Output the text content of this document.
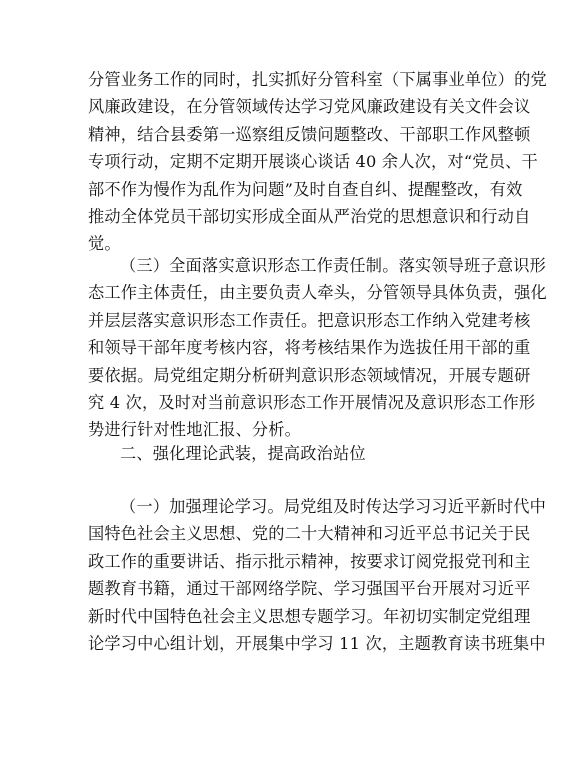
分管业务工作的同时，扎实抓好分管科室（下属事业单位）的党
风廉政建设，在分管领域传达学习党风廉政建设有关文件会议
精神，结合县委第一巡察组反馈问题整改、干部职工作风整顿
专项行动，定期不定期开展谈心谈话 40 余人次，对“党员、干
部不作为慢作为乱作为问题”及时自查自纠、提醒整改，有效
推动全体党员干部切实形成全面从严治党的思想意识和行动自
觉。
（三）全面落实意识形态工作责任制。落实领导班子意识形
态工作主体责任，由主要负责人牵头，分管领导具体负责，强化
并层层落实意识形态工作责任。把意识形态工作纳入党建考核
和领导干部年度考核内容，将考核结果作为选拔任用干部的重
要依据。局党组定期分析研判意识形态领域情况，开展专题研
究 4 次，及时对当前意识形态工作开展情况及意识形态工作形
势进行针对性地汇报、分析。
二、强化理论武装，提高政治站位
（一）加强理论学习。局党组及时传达学习习近平新时代中
国特色社会主义思想、党的二十大精神和习近平总书记关于民
政工作的重要讲话、指示批示精神，按要求订阅党报党刊和主
题教育书籍，通过干部网络学院、学习强国平台开展对习近平
新时代中国特色社会主义思想专题学习。年初切实制定党组理
论学习中心组计划，开展集中学习 11 次，主题教育读书班集中
